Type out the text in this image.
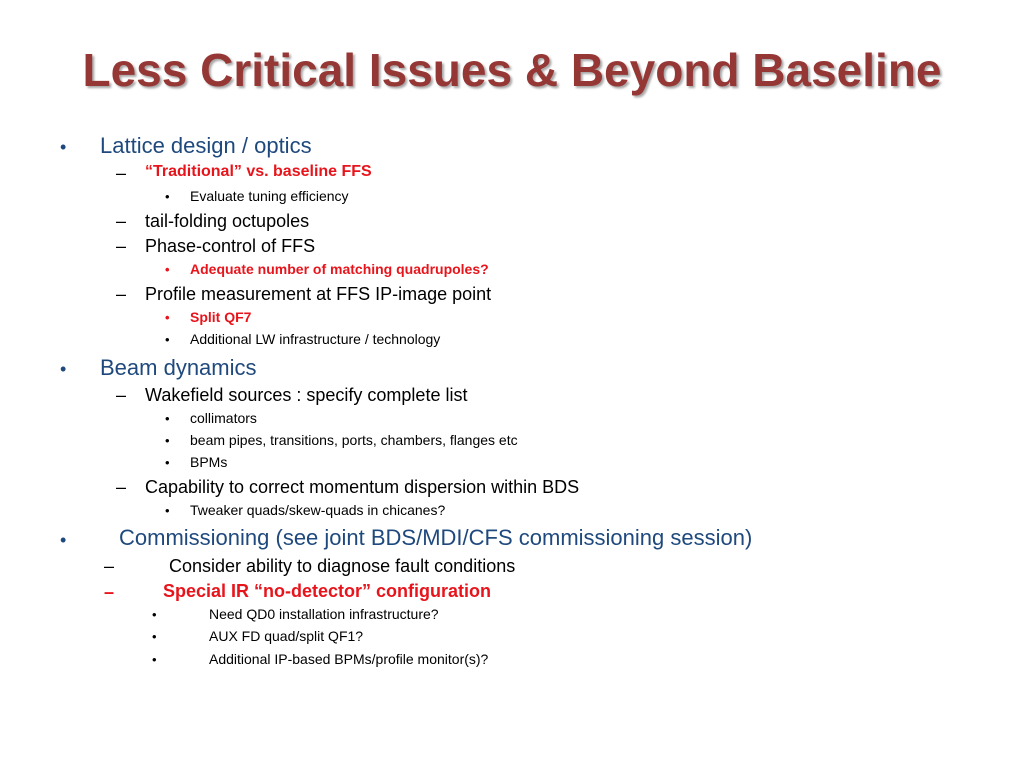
Less Critical Issues & Beyond Baseline
• Lattice design / optics
– “Traditional” vs. baseline FFS
• Evaluate tuning efficiency
– tail-folding octupoles
– Phase-control of FFS
• Adequate number of matching quadrupoles?
– Profile measurement at FFS IP-image point
• Split QF7
• Additional LW infrastructure / technology
• Beam dynamics
– Wakefield sources : specify complete list
• collimators
• beam pipes, transitions, ports, chambers, flanges etc
• BPMs
– Capability to correct momentum dispersion within BDS
• Tweaker quads/skew-quads in chicanes?
• Commissioning (see joint BDS/MDI/CFS commissioning session)
–	Consider ability to diagnose fault conditions
–	Special IR “no-detector” configuration
•	Need QD0 installation infrastructure?
•	AUX FD quad/split QF1?
•	Additional IP-based BPMs/profile monitor(s)?
